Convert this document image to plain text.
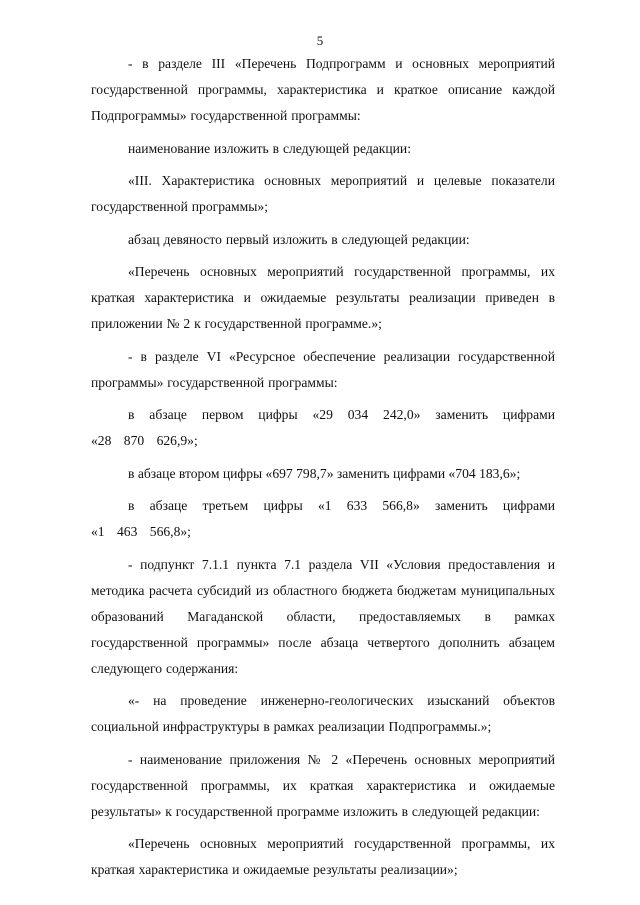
5

- в разделе III «Перечень Подпрограмм и основных мероприятий государственной программы, характеристика и краткое описание каждой Подпрограммы» государственной программы:

наименование изложить в следующей редакции:

«III. Характеристика основных мероприятий и целевые показатели государственной программы»;

абзац девяносто первый изложить в следующей редакции:

«Перечень основных мероприятий государственной программы, их краткая характеристика и ожидаемые результаты реализации приведен в приложении № 2 к государственной программе.»;

- в разделе VI «Ресурсное обеспечение реализации государственной программы» государственной программы:

в абзаце первом цифры «29 034 242,0» заменить цифрами «28 870 626,9»;

в абзаце втором цифры «697 798,7» заменить цифрами «704 183,6»;

в абзаце третьем цифры «1 633 566,8» заменить цифрами «1 463 566,8»;

- подпункт 7.1.1 пункта 7.1 раздела VII «Условия предоставления и методика расчета субсидий из областного бюджета бюджетам муниципальных образований Магаданской области, предоставляемых в рамках государственной программы» после абзаца четвертого дополнить абзацем следующего содержания:

«- на проведение инженерно-геологических изысканий объектов социальной инфраструктуры в рамках реализации Подпрограммы.»;

- наименование приложения № 2 «Перечень основных мероприятий государственной программы, их краткая характеристика и ожидаемые результаты» к государственной программе изложить в следующей редакции:

«Перечень основных мероприятий государственной программы, их краткая характеристика и ожидаемые результаты реализации»;
